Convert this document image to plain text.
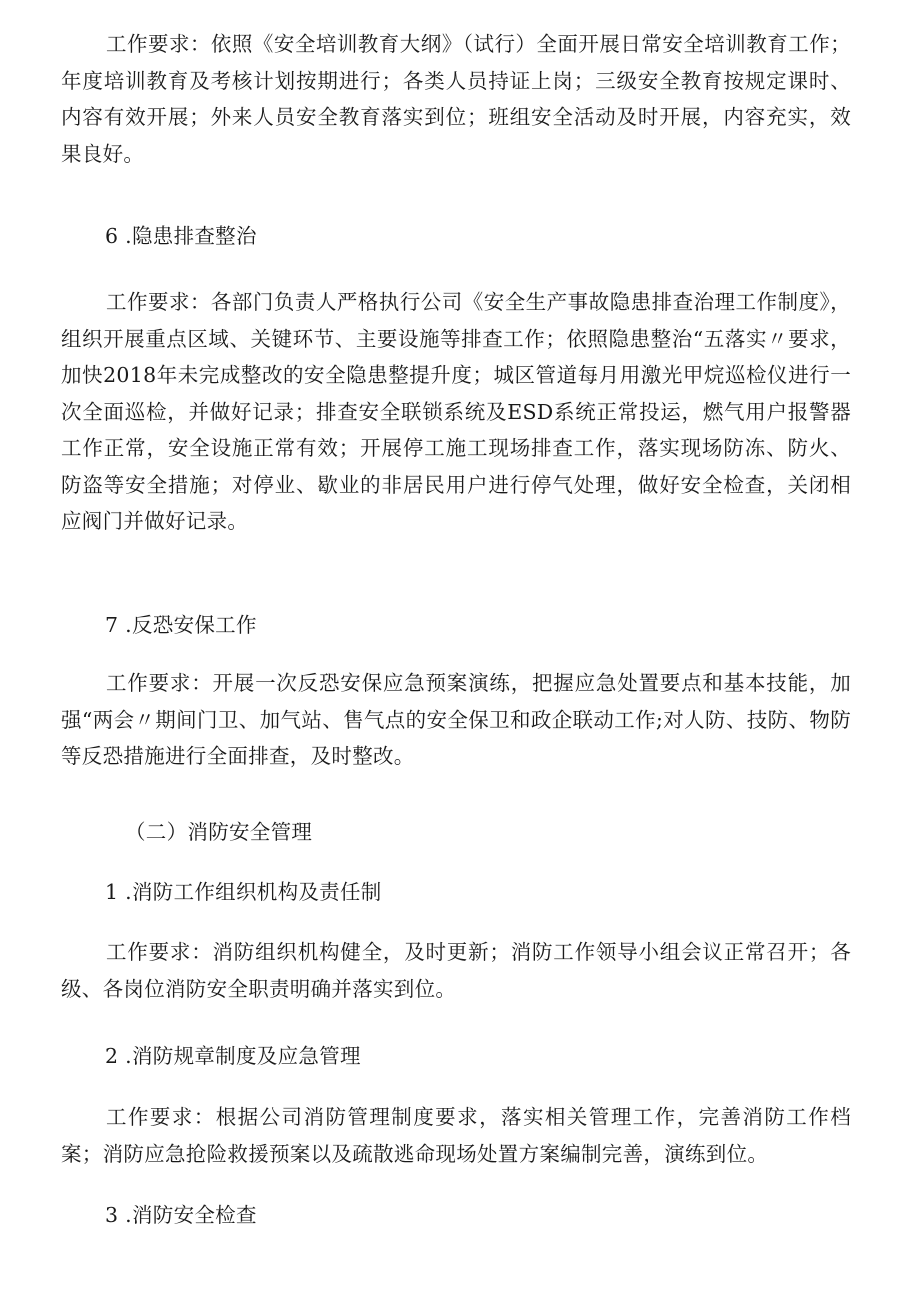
工作要求：依照《安全培训教育大纲》（试行）全面开展日常安全培训教育工作；年度培训教育及考核计划按期进行；各类人员持证上岗；三级安全教育按规定课时、内容有效开展；外来人员安全教育落实到位；班组安全活动及时开展，内容充实，效果良好。

6 .隐患排查整治

工作要求：各部门负责人严格执行公司《安全生产事故隐患排查治理工作制度》，组织开展重点区域、关键环节、主要设施等排查工作；依照隐患整治“五落实〃要求，加快2018年未完成整改的安全隐患整提升度；城区管道每月用激光甲烷巡检仪进行一次全面巡检，并做好记录；排查安全联锁系统及ESD系统正常投运，燃气用户报警器工作正常，安全设施正常有效；开展停工施工现场排查工作，落实现场防冻、防火、防盗等安全措施；对停业、歇业的非居民用户进行停气处理，做好安全检查，关闭相应阀门并做好记录。

7 .反恐安保工作

工作要求：开展一次反恐安保应急预案演练，把握应急处置要点和基本技能，加强“两会〃期间门卫、加气站、售气点的安全保卫和政企联动工作;对人防、技防、物防等反恐措施进行全面排查，及时整改。

（二）消防安全管理

1 .消防工作组织机构及责任制

工作要求：消防组织机构健全，及时更新；消防工作领导小组会议正常召开；各级、各岗位消防安全职责明确并落实到位。

2 .消防规章制度及应急管理

工作要求：根据公司消防管理制度要求，落实相关管理工作，完善消防工作档案；消防应急抢险救援预案以及疏散逃命现场处置方案编制完善，演练到位。

3 .消防安全检查
